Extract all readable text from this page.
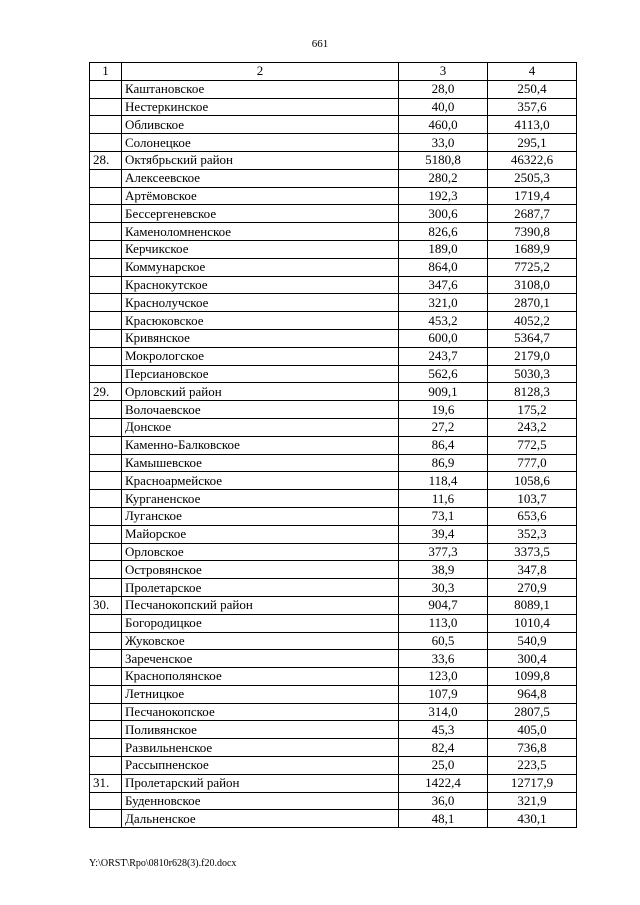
661
1	2	3	4
	Каштановское	28,0	250,4
	Нестеркинское	40,0	357,6
	Обливское	460,0	4113,0
	Солонецкое	33,0	295,1
28.	Октябрьский район	5180,8	46322,6
	Алексеевское	280,2	2505,3
	Артёмовское	192,3	1719,4
	Бессергеневское	300,6	2687,7
	Каменоломненское	826,6	7390,8
	Керчикское	189,0	1689,9
	Коммунарское	864,0	7725,2
	Краснокутское	347,6	3108,0
	Краснолучское	321,0	2870,1
	Красюковское	453,2	4052,2
	Кривянское	600,0	5364,7
	Мокрологское	243,7	2179,0
	Персиановское	562,6	5030,3
29.	Орловский район	909,1	8128,3
	Волочаевское	19,6	175,2
	Донское	27,2	243,2
	Каменно-Балковское	86,4	772,5
	Камышевское	86,9	777,0
	Красноармейское	118,4	1058,6
	Курганенское	11,6	103,7
	Луганское	73,1	653,6
	Майорское	39,4	352,3
	Орловское	377,3	3373,5
	Островянское	38,9	347,8
	Пролетарское	30,3	270,9
30.	Песчанокопский район	904,7	8089,1
	Богородицкое	113,0	1010,4
	Жуковское	60,5	540,9
	Зареченское	33,6	300,4
	Краснополянское	123,0	1099,8
	Летницкое	107,9	964,8
	Песчанокопское	314,0	2807,5
	Поливянское	45,3	405,0
	Развильненское	82,4	736,8
	Рассыпненское	25,0	223,5
31.	Пролетарский район	1422,4	12717,9
	Буденновское	36,0	321,9
	Дальненское	48,1	430,1
Y:\ORST\Rpo\0810r628(3).f20.docx
